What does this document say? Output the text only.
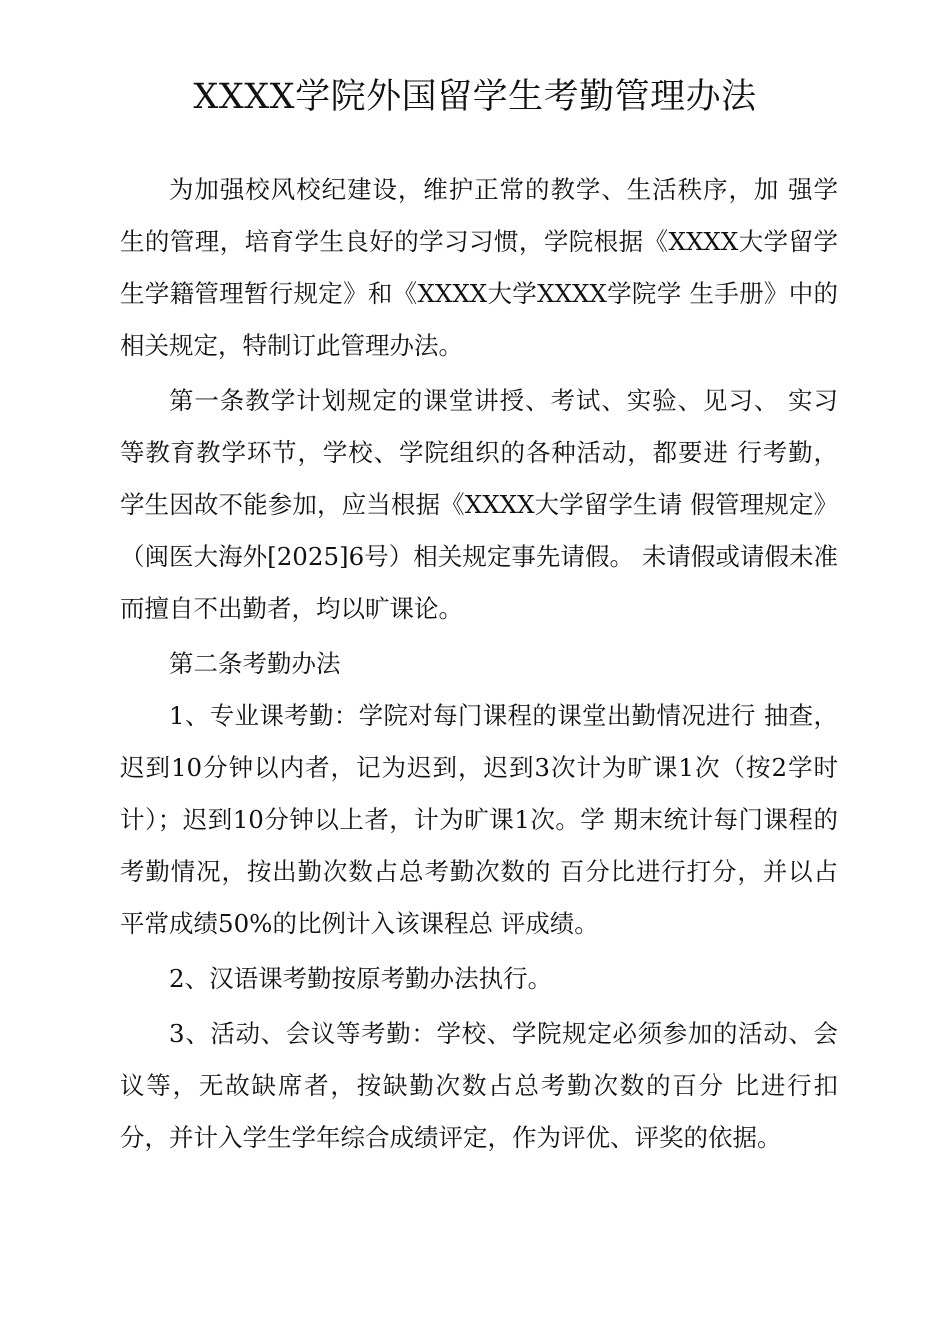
XXXX学院外国留学生考勤管理办法

为加强校风校纪建设，维护正常的教学、生活秩序，加 强学生的管理，培育学生良好的学习习惯，学院根据《XXXX大学留学生学籍管理暂行规定》和《XXXX大学XXXX学院学 生手册》中的相关规定，特制订此管理办法。

第一条教学计划规定的课堂讲授、考试、实验、见习、 实习等教育教学环节，学校、学院组织的各种活动，都要进 行考勤，学生因故不能参加，应当根据《XXXX大学留学生请 假管理规定》（闽医大海外[2025]6号）相关规定事先请假。 未请假或请假未准而擅自不出勤者，均以旷课论。

第二条考勤办法

1、专业课考勤：学院对每门课程的课堂出勤情况进行 抽查，迟到10分钟以内者，记为迟到，迟到3次计为旷课1次（按2学时计）；迟到10分钟以上者，计为旷课1次。学 期末统计每门课程的考勤情况，按出勤次数占总考勤次数的 百分比进行打分，并以占平常成绩50%的比例计入该课程总 评成绩。

2、汉语课考勤按原考勤办法执行。

3、活动、会议等考勤：学校、学院规定必须参加的活动、会议等，无故缺席者，按缺勤次数占总考勤次数的百分 比进行扣分，并计入学生学年综合成绩评定，作为评优、评奖的依据。
